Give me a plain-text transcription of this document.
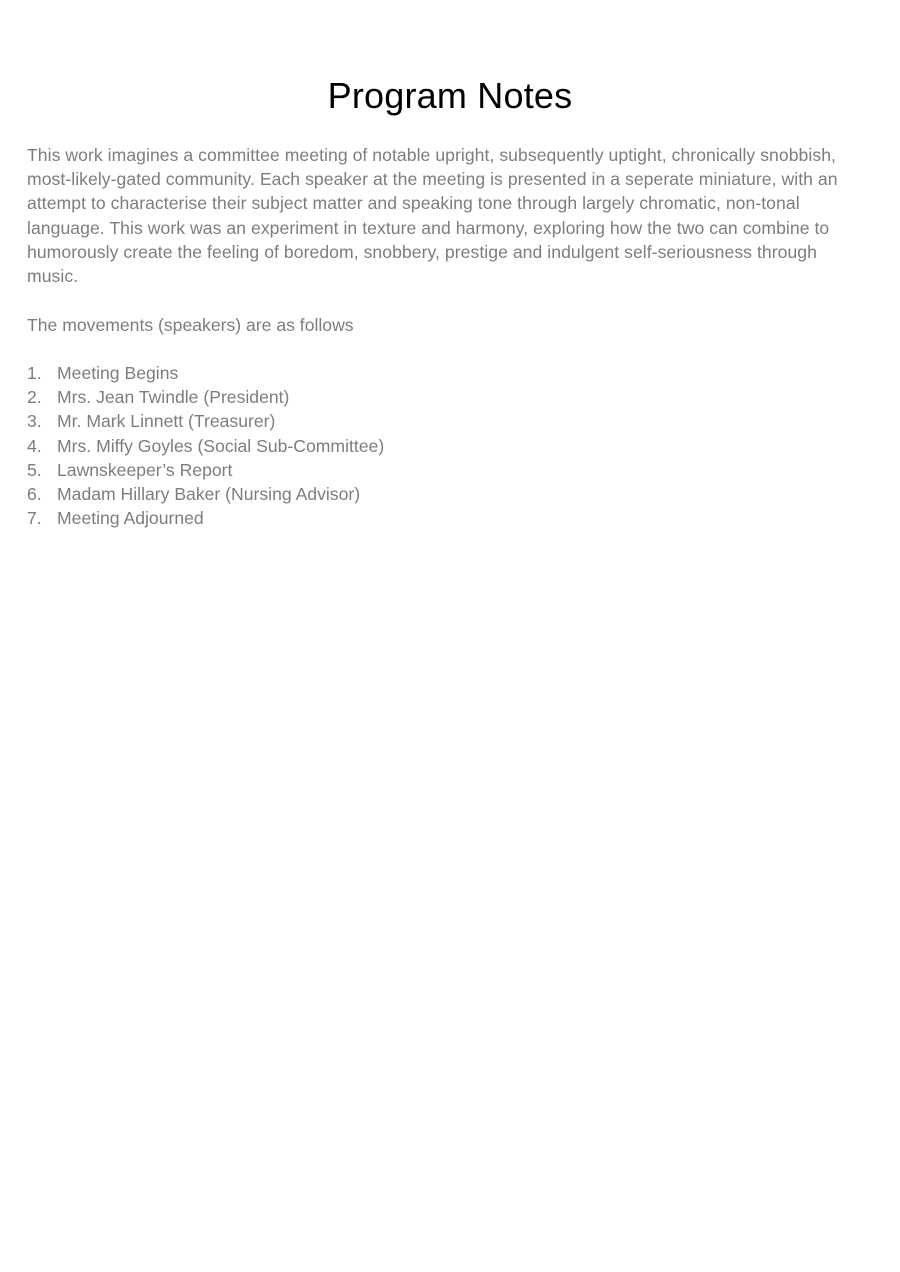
Program Notes

This work imagines a committee meeting of notable upright, subsequently uptight, chronically snobbish, most-likely-gated community. Each speaker at the meeting is presented in a seperate miniature, with an attempt to characterise their subject matter and speaking tone through largely chromatic, non-tonal language. This work was an experiment in texture and harmony, exploring how the two can combine to humorously create the feeling of boredom, snobbery, prestige and indulgent self-seriousness through music.

The movements (speakers) are as follows

1. Meeting Begins
2. Mrs. Jean Twindle (President)
3. Mr. Mark Linnett (Treasurer)
4. Mrs. Miffy Goyles (Social Sub-Committee)
5. Lawnskeeper’s Report
6. Madam Hillary Baker (Nursing Advisor)
7. Meeting Adjourned
